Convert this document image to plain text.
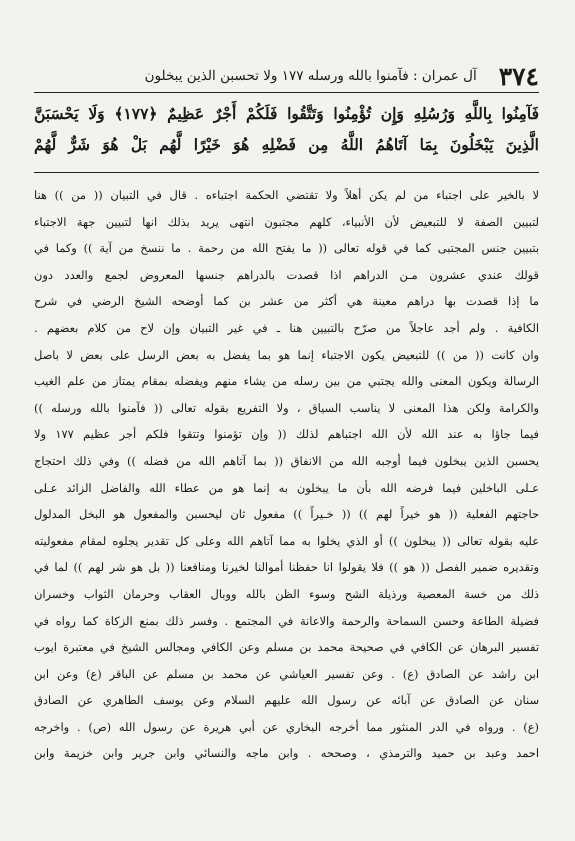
٣٧٤
آل عمران : فآمنوا بالله ورسله ١٧٧ ولا تحسبن الذين يبخلون
فَآمِنُوا بِاللَّهِ وَرُسُلِهِ وَإِن تُؤْمِنُوا وَتَتَّقُوا فَلَكُمْ أَجْرٌ عَظِيمٌ ﴿١٧٧﴾ وَلَا يَحْسَبَنَّ
الَّذِينَ يَبْخَلُونَ بِمَا آتَاهُمُ اللَّهُ مِن فَضْلِهِ هُوَ خَيْرًا لَّهُم بَلْ هُوَ شَرٌّ لَّهُمْ
لا بالخير على اجتباء من لم يكن أهلاً ولا تقتضي الحكمة اجتباءه . قال في التبيان (( من )) هنا
لتبيين الصفة لا للتبعيض لأن الأنبياء، كلهم مجتبون انتهى يريد بذلك انها لتبيين جهة الاجتباء
بتبيين جنس المجتبى كما في قوله تعالى (( ما يفتح الله من رحمة . ما ننسخ من آية )) وكما في
قولك عندي عشرون مـن الدراهم اذا قصدت بالدراهم جنسها المعروض لجمع والعدد دون
ما إذا قصدت بها دراهم معينة هي أكثر من عشر بن كما أوضحه الشيخ الرضي في شرح
الكافية . ولم أجد عاجلاً من صرّح بالتبيين هنا ـ في غير التبيان وإن لاح من كلام بعضهم .
وان كانت (( من )) للتبعيض يكون الاجتباء إنما هو بما يفضل به بعض الرسل على بعض لا باصل
الرسالة ويكون المعنى والله يجتبي من بين رسله من يشاء منهم ويفضله بمقام يمتاز من علم الغيب
والكرامة ولكن هذا المعنى لا يناسب السياق ، ولا التفريع بقوله تعالى (( فآمنوا بالله ورسله ))
فيما جاؤا به عند الله لأن الله اجتباهم لذلك (( وإن تؤمنوا وتتقوا فلكم أجر عظيم ١٧٧ ولا
يحسبن الذين يبخلون فيما أوجبه الله من الانفاق (( بما آتاهم الله من فضله )) وفي ذلك احتجاج
عـلى الباخلين فيما فرضه الله بأن ما يبخلون به إنما هو من عطاء الله والفاضل الزائد عـلى
حاجتهم الفعلية (( هو خيراً لهم )) (( خـيراً )) مفعول ثان ليحسبن والمفعول هو البخل المدلول
عليه بقوله تعالى (( يبخلون )) أو الذي يخلوا به مما آتاهم الله وعلى كل تقدير يجلوه لمقام مفعوليته
وتقديره ضمير الفصل (( هو )) فلا يقولوا انا حفظنا أموالنا لخيرنا ومنافعنا (( بل هو شر لهم )) لما في
ذلك من خسة المعصية ورذيلة الشح وسوء الظن بالله ووبال العقاب وحرمان الثواب وخسران
فضيلة الطاعة وحسن السماحة والرحمة والاعانة في المجتمع . وفسر ذلك بمنع الزكاة كما رواه في
تفسير البرهان عن الكافي في صحيحة محمد بن مسلم وعن الكافي ومجالس الشيخ في معتبرة ايوب
ابن راشد عن الصادق (ع) . وعن تفسير العياشي عن محمد بن مسلم عن الباقر (ع) وعن ابن
سنان عن الصادق عن آبائه عن رسول الله عليهم السلام وعن يوسف الطاهري عن الصادق
(ع) . ورواه في الدر المنثور مما أخرجه البخاري عن أبي هريرة عن رسول الله (ص) . واخرجه
احمد وعبد بن حميد والترمذي ، وصححه . وابن ماجه والنسائي وابن جرير وابن خزيمة وابن
